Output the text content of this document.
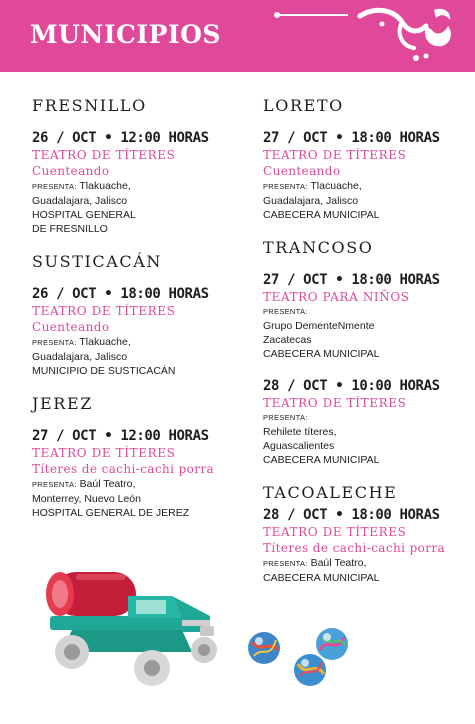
MUNICIPIOS
FRESNILLO
26 / OCT • 12:00 HORAS
TEATRO DE TÍTERES
Cuenteando
PRESENTA: Tlakuache,
Guadalajara, Jalisco
HOSPITAL GENERAL
DE FRESNILLO
SUSTICACÁN
26 / OCT • 18:00 HORAS
TEATRO DE TÍTERES
Cuenteando
PRESENTA: Tlakuache,
Guadalajara, Jalisco
MUNICIPIO DE SUSTICACÁN
JEREZ
27 / OCT • 12:00 HORAS
TEATRO DE TÍTERES
Títeres de cachi-cachi porra
PRESENTA: Baúl Teatro,
Monterrey, Nuevo León
HOSPITAL GENERAL DE JEREZ
LORETO
27 / OCT • 18:00 HORAS
TEATRO DE TÍTERES
Cuenteando
PRESENTA: Tlacuache,
Guadalajara, Jalisco
CABECERA MUNICIPAL
TRANCOSO
27 / OCT • 18:00 HORAS
TEATRO PARA NIÑOS
PRESENTA:
Grupo DementeNmente
Zacatecas
CABECERA MUNICIPAL
28 / OCT • 10:00 HORAS
TEATRO DE TÍTERES
PRESENTA:
Rehilete títeres,
Aguascalientes
CABECERA MUNICIPAL
TACOALECHE
28 / OCT • 18:00 HORAS
TEATRO DE TÍTERES
Títeres de cachi-cachi porra
PRESENTA: Baúl Teatro,
CABECERA MUNICIPAL
